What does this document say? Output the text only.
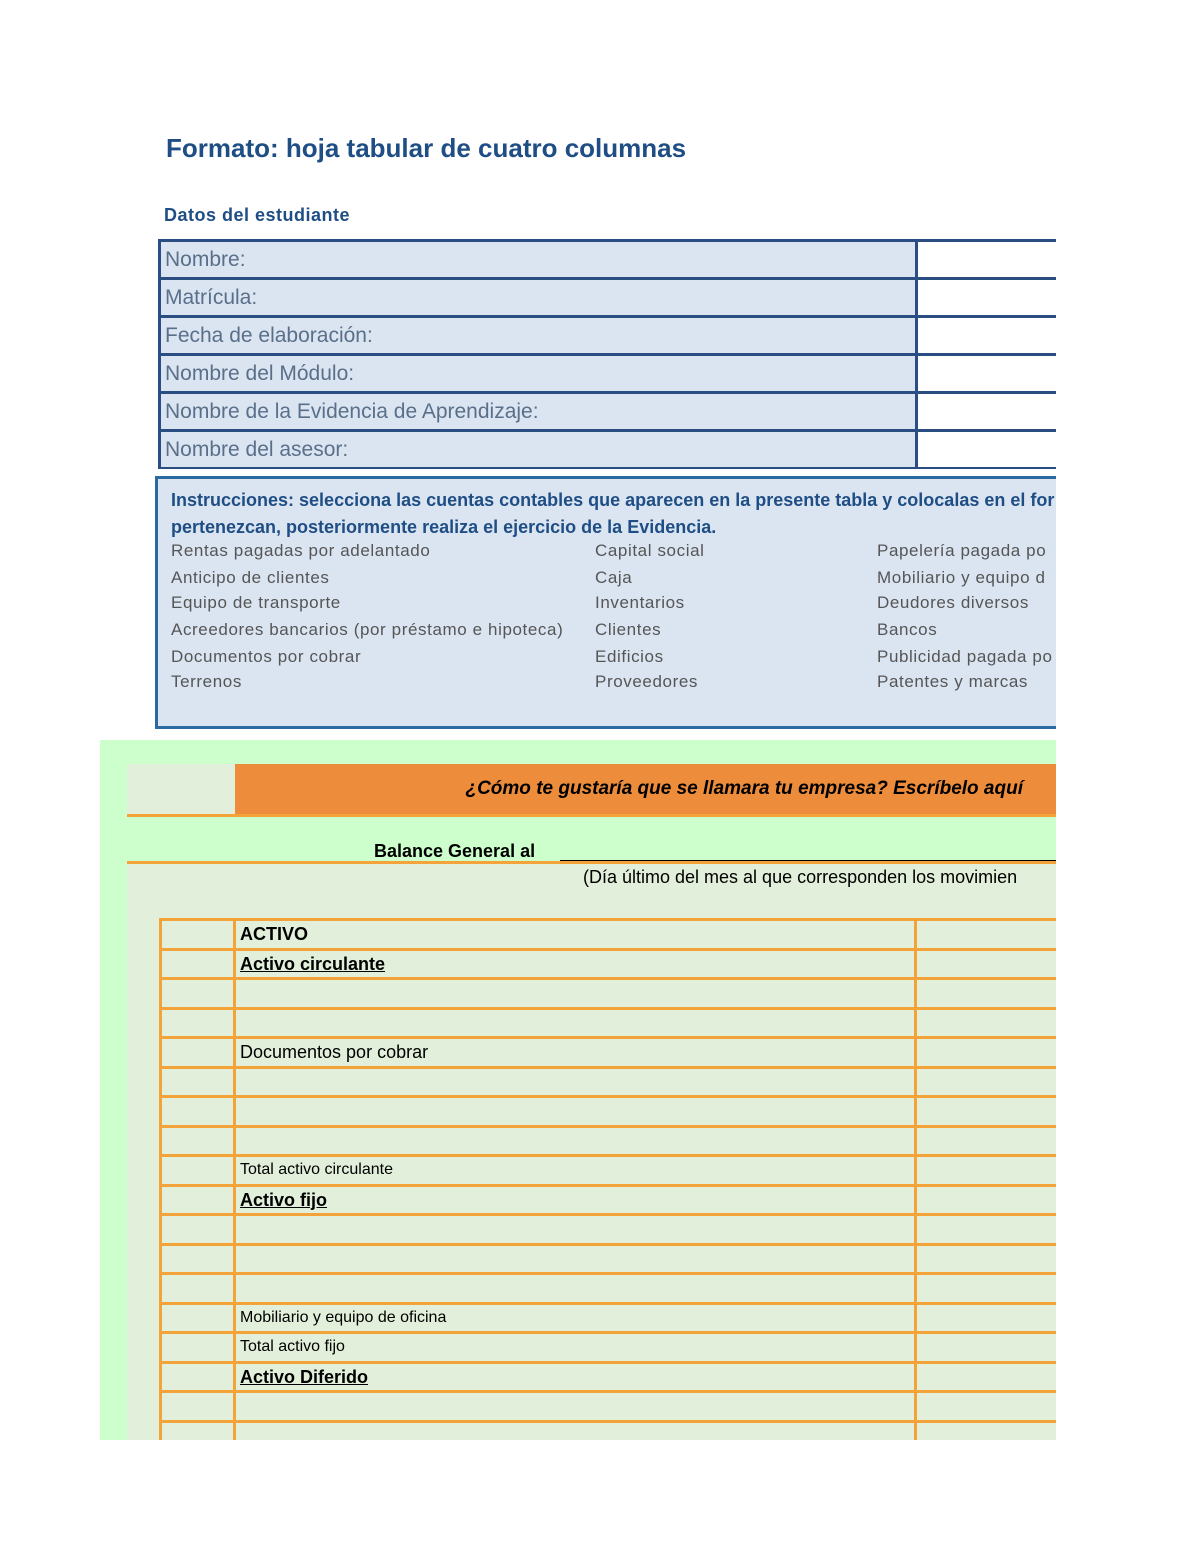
Formato: hoja tabular de cuatro columnas
Datos del estudiante
Nombre:
Matrícula:
Fecha de elaboración:
Nombre del Módulo:
Nombre de la Evidencia de Aprendizaje:
Nombre del asesor:
Instrucciones: selecciona las cuentas contables que aparecen en la presente tabla y colocalas en el for
pertenezcan, posteriormente realiza el ejercicio de la Evidencia.
Rentas pagadas por adelantado
Anticipo de clientes
Equipo de transporte
Acreedores bancarios (por préstamo e hipoteca)
Documentos por cobrar
Terrenos
Capital social
Caja
Inventarios
Clientes
Edificios
Proveedores
Papelería pagada po
Mobiliario y equipo d
Deudores diversos
Bancos
Publicidad pagada po
Patentes y marcas
¿Cómo te gustaría que se llamara tu empresa? Escríbelo aquí
Balance General al
(Día último del mes al que corresponden los movimien
ACTIVO
Activo circulante
Documentos por cobrar
Total activo circulante
Activo fijo
Mobiliario y equipo de oficina
Total activo fijo
Activo Diferido
